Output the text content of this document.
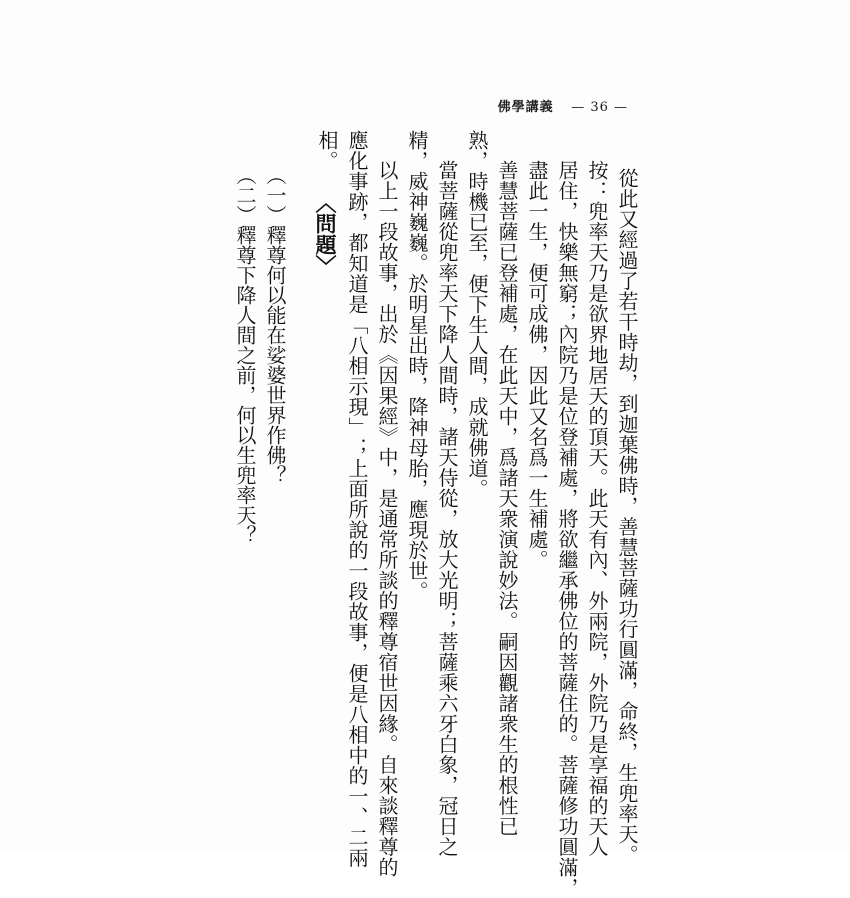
佛學講義 — 36 —
從此又經過了若干時劫，到迦葉佛時，善慧菩薩功行圓滿，命終，生兜率天。
按：兜率天乃是欲界地居天的頂天。此天有內、外兩院，外院乃是享福的天人
居住，快樂無窮；內院乃是位登補處，將欲繼承佛位的菩薩住的。菩薩修功圓滿，
盡此一生，便可成佛，因此又名爲一生補處。
善慧菩薩已登補處，在此天中，爲諸天衆演說妙法。嗣因觀諸衆生的根性已
熟，時機已至，便下生人間，成就佛道。
當菩薩從兜率天下降人間時，諸天侍從，放大光明；菩薩乘六牙白象，冠日之
精，威神巍巍。於明星出時，降神母胎，應現於世。
以上一段故事，出於《因果經》中，是通常所談的釋尊宿世因緣。自來談釋尊的
應化事跡，都知道是「八相示現」；上面所說的一段故事，便是八相中的一、二兩
相。
〈問題〉
（一）釋尊何以能在娑婆世界作佛？
（二）釋尊下降人間之前，何以生兜率天？
